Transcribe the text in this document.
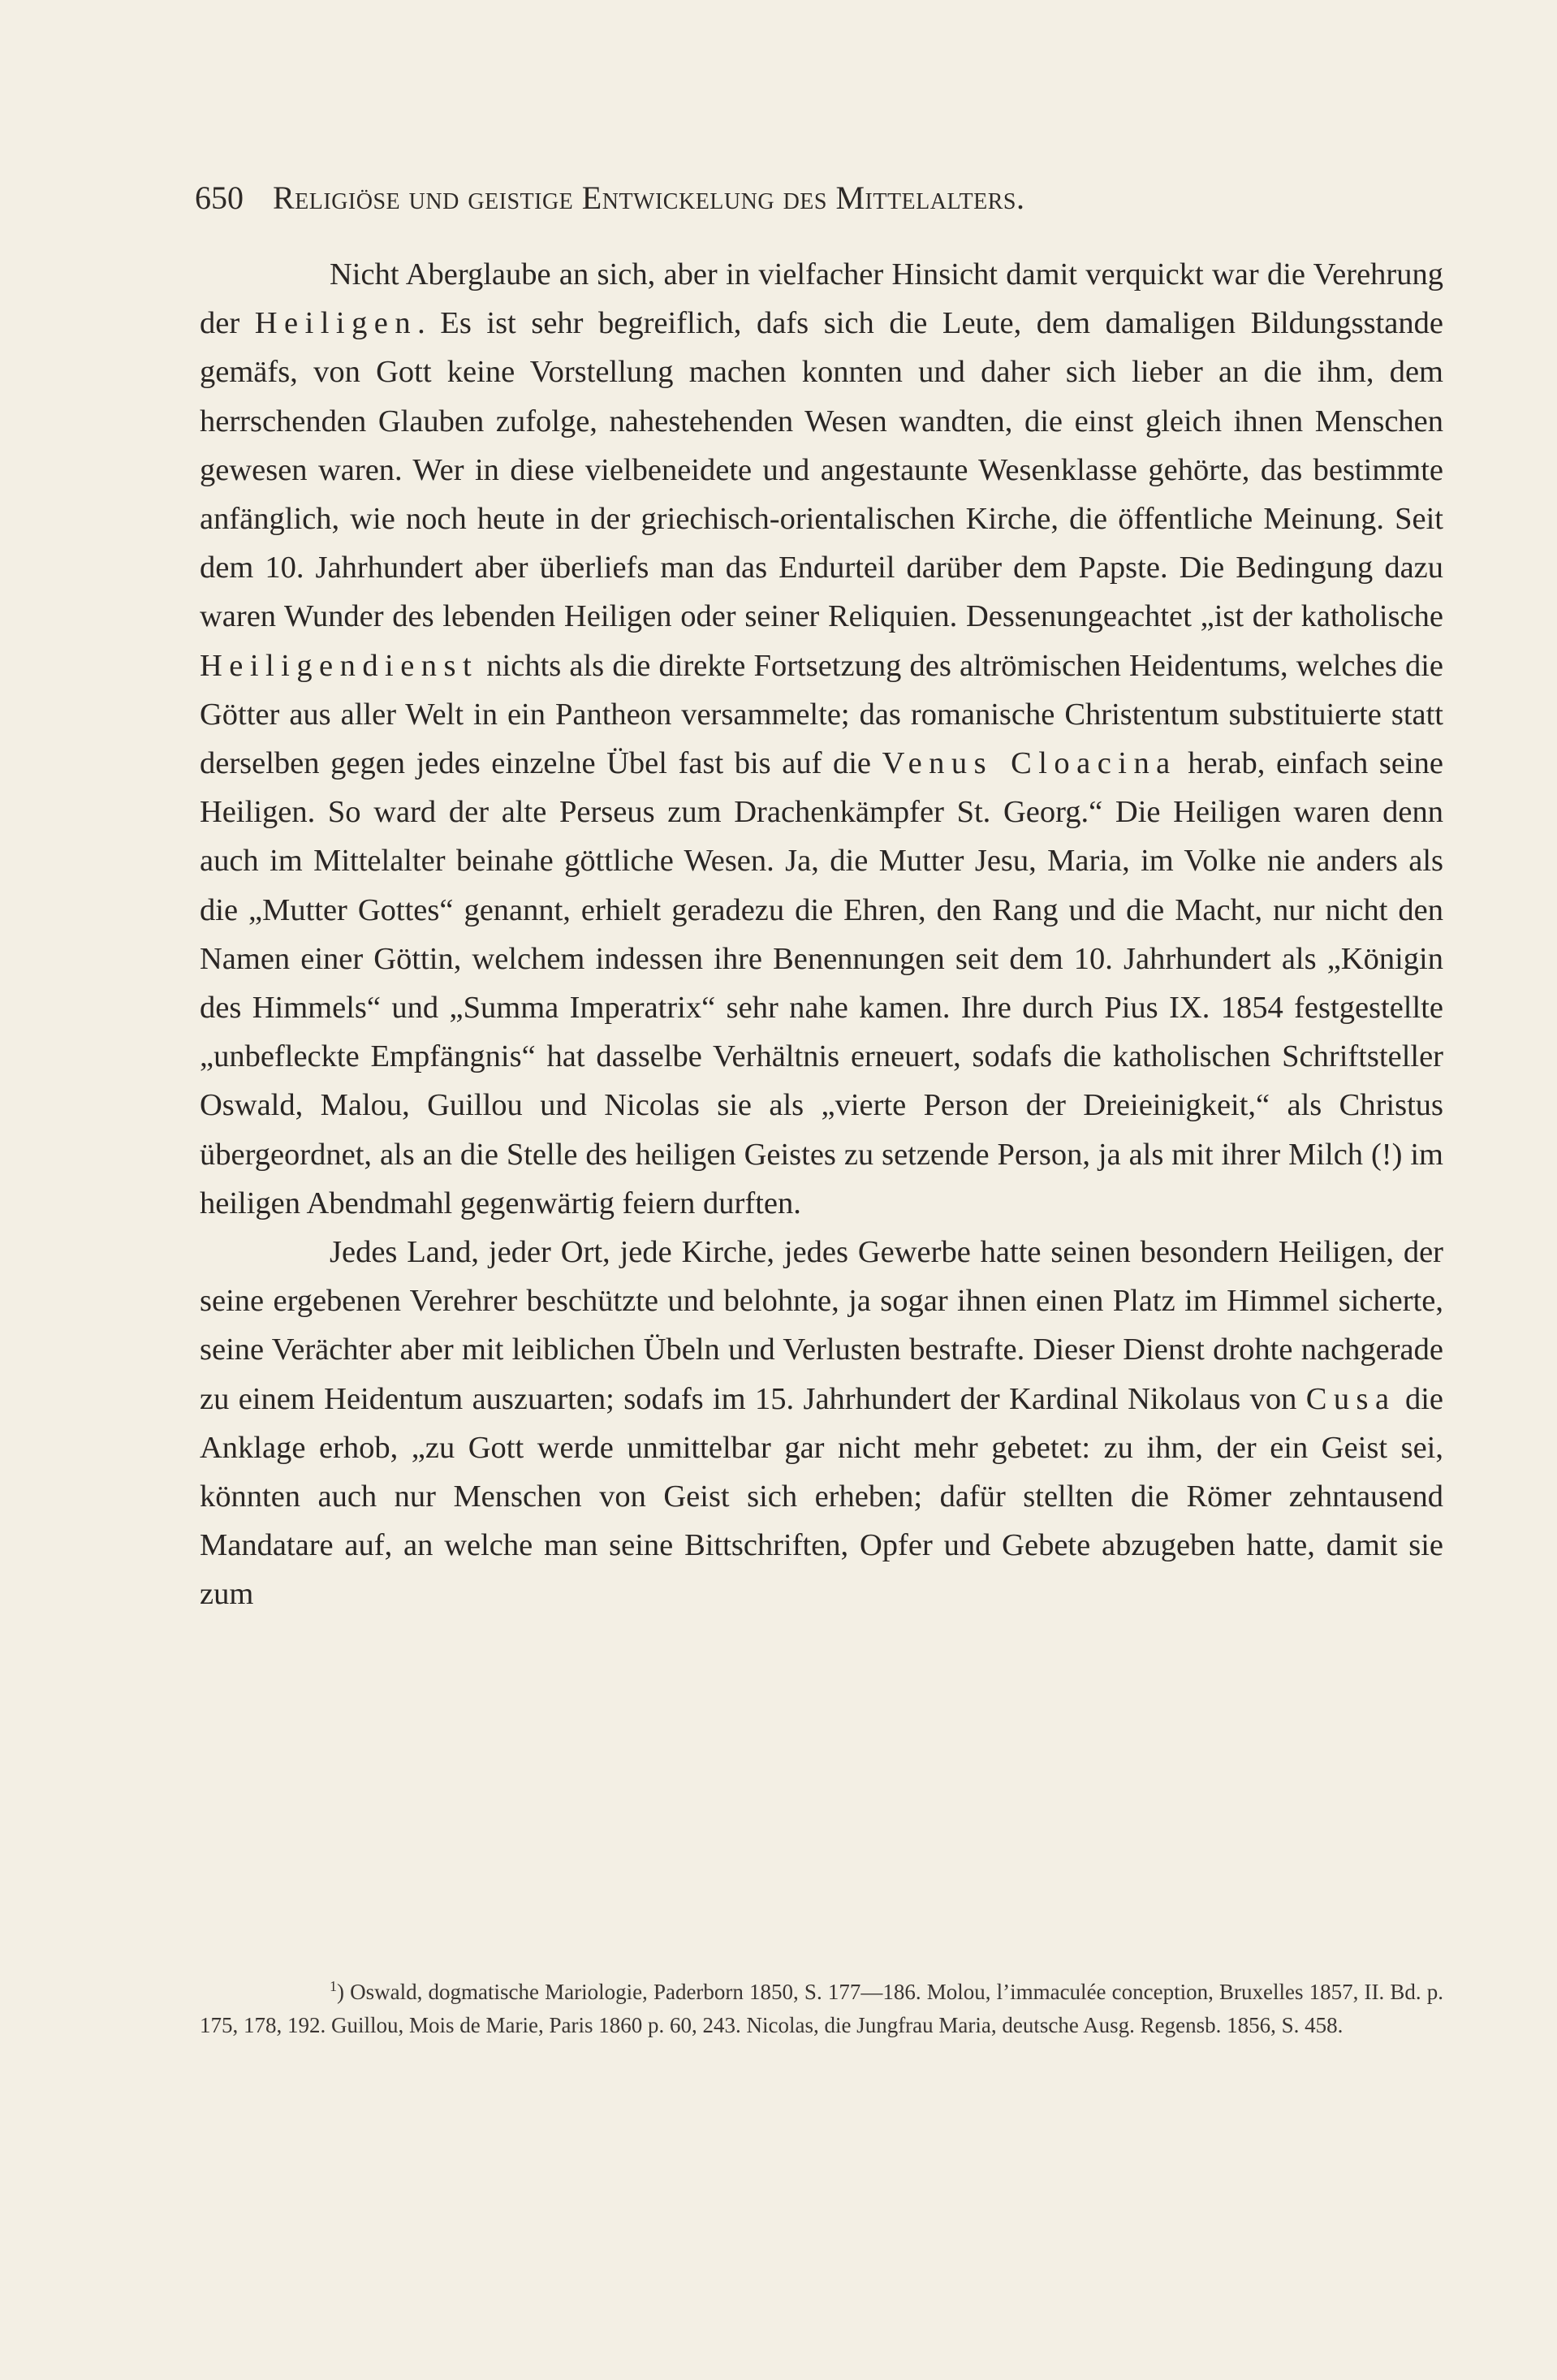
650 Religiöse und geistige Entwickelung des Mittelalters.

Nicht Aberglaube an sich, aber in vielfacher Hinsicht damit verquickt war die Verehrung der Heiligen. Es ist sehr begreiflich, dafs sich die Leute, dem damaligen Bildungsstande gemäfs, von Gott keine Vorstellung machen konnten und daher sich lieber an die ihm, dem herrschenden Glauben zufolge, nahestehenden Wesen wandten, die einst gleich ihnen Menschen gewesen waren. Wer in diese vielbeneidete und angestaunte Wesenklasse gehörte, das bestimmte anfänglich, wie noch heute in der griechisch-orientalischen Kirche, die öffentliche Meinung. Seit dem 10. Jahrhundert aber überliefs man das Endurteil darüber dem Papste. Die Bedingung dazu waren Wunder des lebenden Heiligen oder seiner Reliquien. Dessenungeachtet „ist der katholische Heiligendienst nichts als die direkte Fortsetzung des altrömischen Heidentums, welches die Götter aus aller Welt in ein Pantheon versammelte; das romanische Christentum substituierte statt derselben gegen jedes einzelne Übel fast bis auf die Venus Cloacina herab, einfach seine Heiligen. So ward der alte Perseus zum Drachenkämpfer St. Georg.“ Die Heiligen waren denn auch im Mittelalter beinahe göttliche Wesen. Ja, die Mutter Jesu, Maria, im Volke nie anders als die „Mutter Gottes“ genannt, erhielt geradezu die Ehren, den Rang und die Macht, nur nicht den Namen einer Göttin, welchem indessen ihre Benennungen seit dem 10. Jahrhundert als „Königin des Himmels“ und „Summa Imperatrix“ sehr nahe kamen. Ihre durch Pius IX. 1854 festgestellte „unbefleckte Empfängnis“ hat dasselbe Verhältnis erneuert, sodafs die katholischen Schriftsteller Oswald, Malou, Guillou und Nicolas sie als „vierte Person der Dreieinigkeit,“ als Christus übergeordnet, als an die Stelle des heiligen Geistes zu setzende Person, ja als mit ihrer Milch (!) im heiligen Abendmahl gegenwärtig feiern durften.

Jedes Land, jeder Ort, jede Kirche, jedes Gewerbe hatte seinen besondern Heiligen, der seine ergebenen Verehrer beschützte und belohnte, ja sogar ihnen einen Platz im Himmel sicherte, seine Verächter aber mit leiblichen Übeln und Verlusten bestrafte. Dieser Dienst drohte nachgerade zu einem Heidentum auszuarten; sodafs im 15. Jahrhundert der Kardinal Nikolaus von Cusa die Anklage erhob, „zu Gott werde unmittelbar gar nicht mehr gebetet: zu ihm, der ein Geist sei, könnten auch nur Menschen von Geist sich erheben; dafür stellten die Römer zehntausend Mandatare auf, an welche man seine Bittschriften, Opfer und Gebete abzugeben hatte, damit sie zum

$^1$) Oswald, dogmatische Mariologie, Paderborn 1850, S. 177—186. Molou, l’immaculée conception, Bruxelles 1857, II. Bd. p. 175, 178, 192. Guillou, Mois de Marie, Paris 1860 p. 60, 243. Nicolas, die Jungfrau Maria, deutsche Ausg. Regensb. 1856, S. 458.
